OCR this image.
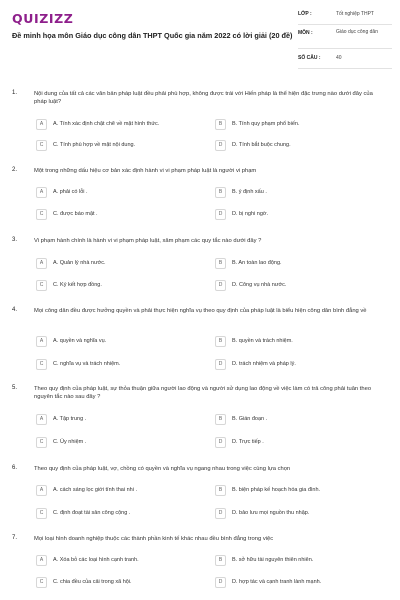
QUIZIZZ
Đề minh họa môn Giáo dục công dân THPT Quốc gia năm 2022 có lời giải (20 đề)
LỚP :	Tốt nghiệp THPT
MÔN :	Giáo dục công dân
SỐ CÂU :	40
1.	Nội dung của tất cả các văn bản pháp luật đều phải phù hợp, không được trái với Hiến pháp là thể hiện đặc trưng nào dưới đây của pháp luật?
A	A. Tính xác định chặt chẽ về mặt hình thức.	B	B. Tính quy phạm phổ biến.
C	C. Tính phù hợp về mặt nội dung.	D	D. Tính bắt buộc chung.
2.	Một trong những dấu hiệu cơ bản xác định hành vi vi phạm pháp luật là người vi phạm
A	A. phải có lỗi .	B	B. ý định xấu .
C	C. được báo mật .	D	D. bị nghi ngờ.
3.	Vi phạm hành chính là hành vi vi phạm pháp luật, xâm phạm các quy tắc nào dưới đây ?
A	A. Quản lý nhà nước.	B	B. An toàn lao động.
C	C. Ký kết hợp đồng.	D	D. Công vụ nhà nước.
4.	Mọi công dân đều được hưởng quyền và phải thực hiện nghĩa vụ theo quy định của pháp luật là biểu hiện công dân bình đẳng về
A	A. quyền và nghĩa vụ.	B	B. quyền và trách nhiệm.
C	C. nghĩa vụ và trách nhiệm.	D	D. trách nhiệm và pháp lý.
5.	Theo quy định của pháp luật, sự thỏa thuận giữa người lao động và người sử dụng lao động về việc làm có trả công phải tuân theo nguyên tắc nào sau đây ?
A	A. Tập trung .	B	B. Gián đoạn .
C	C. Ủy nhiệm .	D	D. Trực tiếp .
6.	Theo quy định của pháp luật, vợ, chồng có quyền và nghĩa vụ ngang nhau trong việc cùng lựa chọn
A	A. cách sáng lọc giới tính thai nhi .	B	B. biện pháp kế hoạch hóa gia đình.
C	C. định đoạt tài sản công cộng .	D	D. bảo lưu mọi nguồn thu nhập.
7.	Mọi loại hình doanh nghiệp thuộc các thành phần kinh tế khác nhau đều bình đẳng trong việc
A	A. Xóa bỏ các loại hình cạnh tranh.	B	B. sở hữu tài nguyên thiên nhiên.
C	C. chia đều của cải trong xã hội.	D	D. hợp tác và cạnh tranh lành mạnh.
